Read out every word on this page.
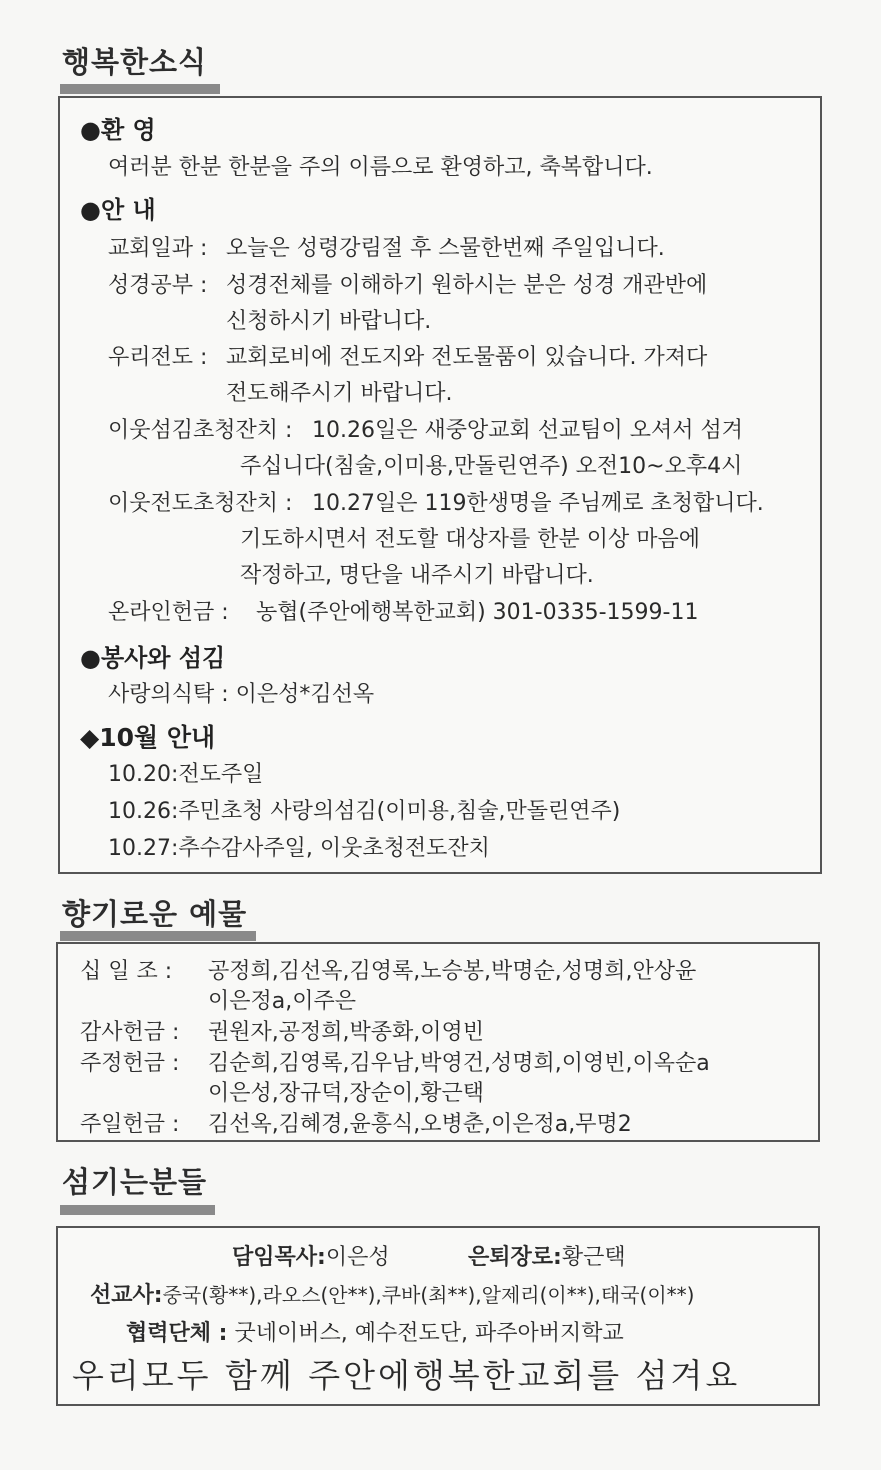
행복한소식
●환 영
여러분 한분 한분을 주의 이름으로 환영하고, 축복합니다.
●안 내
교회일과 : 오늘은 성령강림절 후 스물한번째 주일입니다.
성경공부 : 성경전체를 이해하기 원하시는 분은 성경 개관반에
신청하시기 바랍니다.
우리전도 : 교회로비에 전도지와 전도물품이 있습니다. 가져다
전도해주시기 바랍니다.
이웃섬김초청잔치 : 10.26일은 새중앙교회 선교팀이 오셔서 섬겨
주십니다(침술,이미용,만돌린연주) 오전10~오후4시
이웃전도초청잔치 : 10.27일은 119한생명을 주님께로 초청합니다.
기도하시면서 전도할 대상자를 한분 이상 마음에
작정하고, 명단을 내주시기 바랍니다.
온라인헌금 : 농협(주안에행복한교회) 301-0335-1599-11
●봉사와 섬김
사랑의식탁 : 이은성*김선옥
◆10월 안내
10.20:전도주일
10.26:주민초청 사랑의섬김(이미용,침술,만돌린연주)
10.27:추수감사주일, 이웃초청전도잔치
향기로운 예물
십 일 조 : 공정희,김선옥,김영록,노승봉,박명순,성명희,안상윤
이은정a,이주은
감사헌금 : 권원자,공정희,박종화,이영빈
주정헌금 : 김순희,김영록,김우남,박영건,성명희,이영빈,이옥순a
이은성,장규덕,장순이,황근택
주일헌금 : 김선옥,김혜경,윤흥식,오병춘,이은정a,무명2
섬기는분들
담임목사:이은성	은퇴장로:황근택
선교사:중국(황**),라오스(안**),쿠바(최**),알제리(이**),태국(이**)
협력단체 : 굿네이버스, 예수전도단, 파주아버지학교
우리모두 함께 주안에행복한교회를 섬겨요
